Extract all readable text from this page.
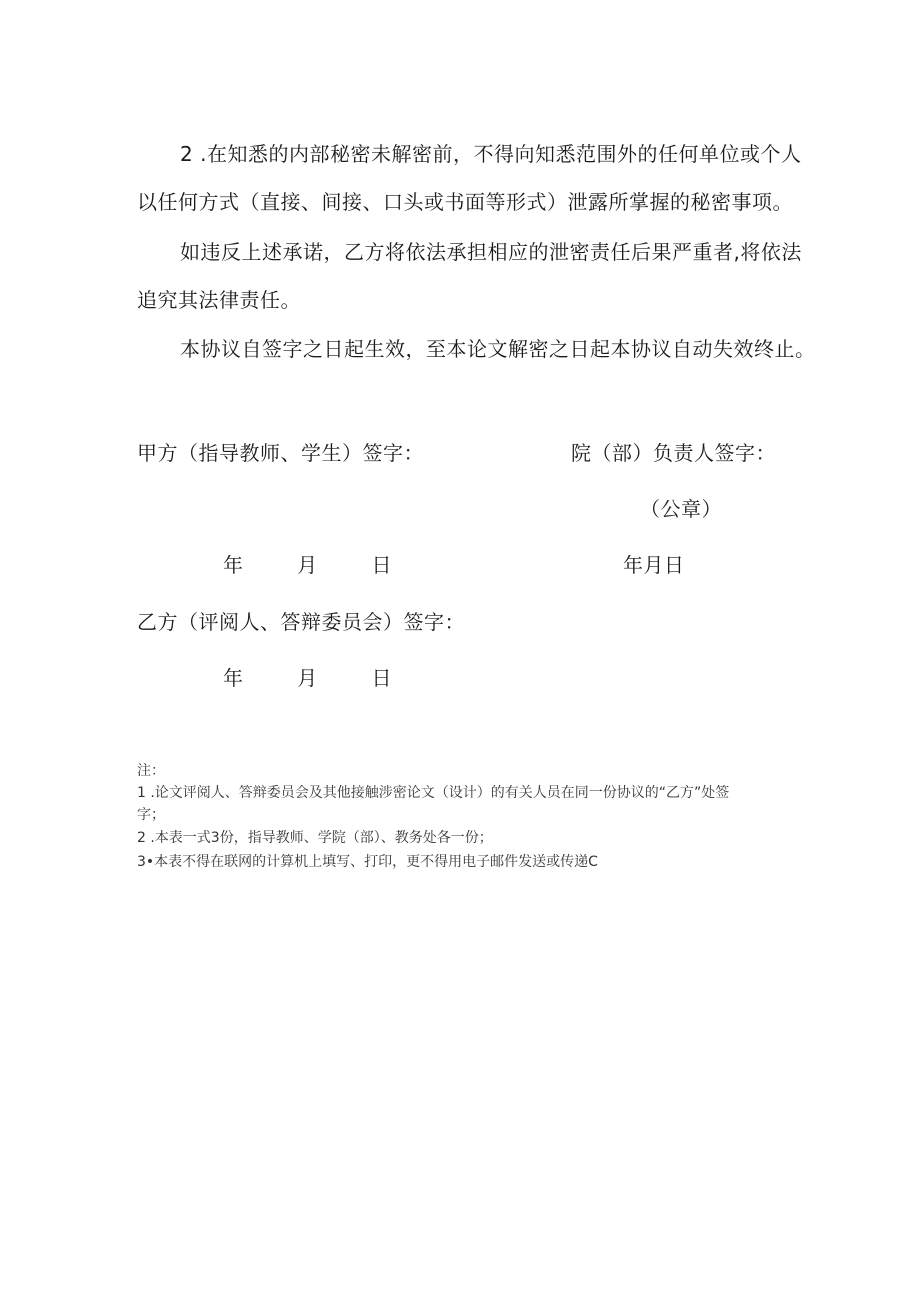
2 .在知悉的内部秘密未解密前，不得向知悉范围外的任何单位或个人
以任何方式（直接、间接、口头或书面等形式）泄露所掌握的秘密事项。
如违反上述承诺，乙方将依法承担相应的泄密责任后果严重者,将依法
追究其法律责任。
本协议自签字之日起生效，至本论文解密之日起本协议自动失效终止。
甲方（指导教师、学生）签字：	院（部）负责人签字：
（公章）
年	月	日	年月日
乙方（评阅人、答辩委员会）签字：
年	月	日
注：
1 .论文评阅人、答辩委员会及其他接触涉密论文（设计）的有关人员在同一份协议的“乙方”处签
字；
2 .本表一式3份，指导教师、学院（部）、教务处各一份；
3•本表不得在联网的计算机上填写、打印，更不得用电子邮件发送或传递C
